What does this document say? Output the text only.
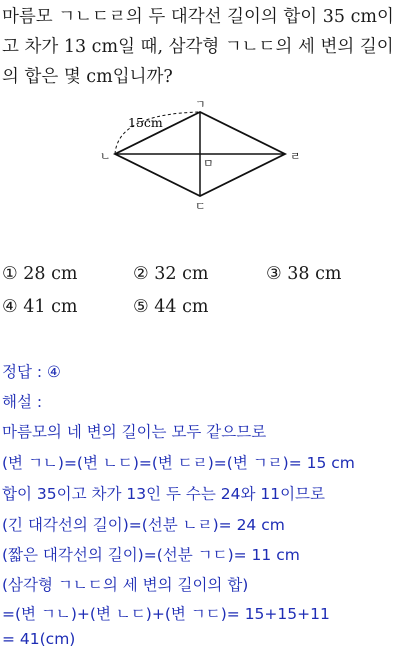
마름모 ㄱㄴㄷㄹ의 두 대각선 길이의 합이 35 cm이
고 차가 13 cm일 때, 삼각형 ㄱㄴㄷ의 세 변의 길이
의 합은 몇 cm입니까?
15cm
ㄱ
ㄴ
ㄷ
ㄹ
ㅁ
① 28 cm	② 32 cm	③ 38 cm
④ 41 cm	⑤ 44 cm
정답 : ④
해설 :
마름모의 네 변의 길이는 모두 같으므로
(변 ㄱㄴ)=(변 ㄴㄷ)=(변 ㄷㄹ)=(변 ㄱㄹ)= 15 cm
합이 35이고 차가 13인 두 수는 24와 11이므로
(긴 대각선의 길이)=(선분 ㄴㄹ)= 24 cm
(짧은 대각선의 길이)=(선분 ㄱㄷ)= 11 cm
(삼각형 ㄱㄴㄷ의 세 변의 길이의 합)
=(변 ㄱㄴ)+(변 ㄴㄷ)+(변 ㄱㄷ)= 15+15+11
= 41(cm)
